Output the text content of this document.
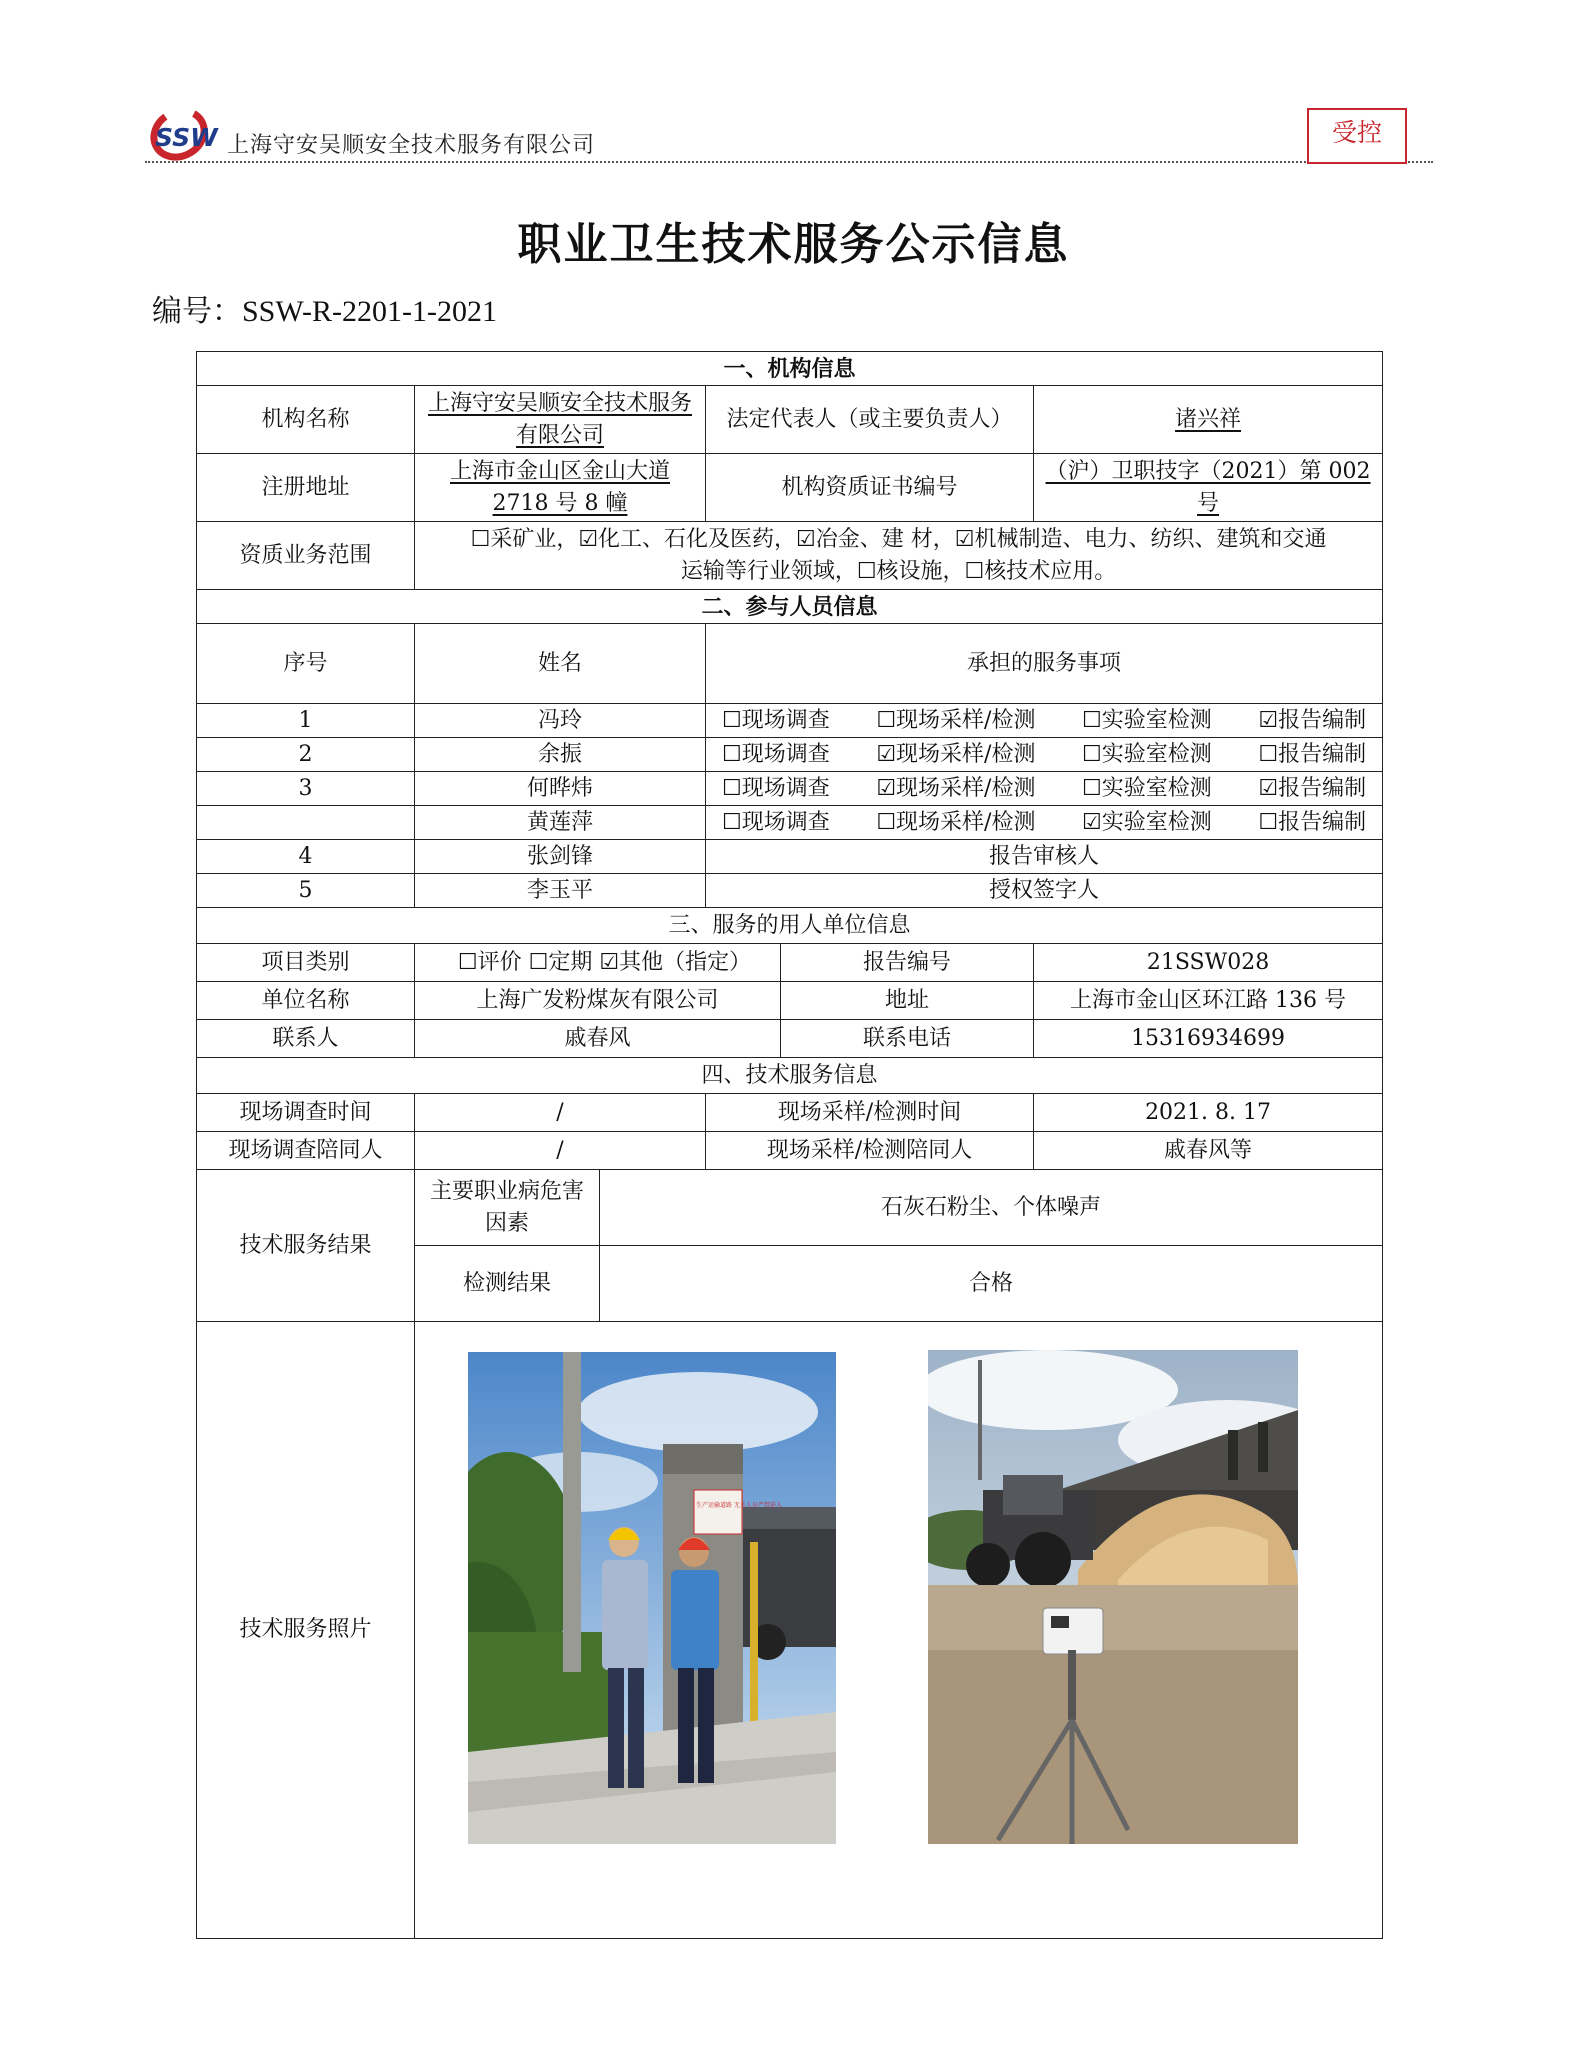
SSW 上海守安吴顺安全技术服务有限公司	受控
职业卫生技术服务公示信息
编号：SSW-R-2201-1-2021
一、机构信息					
机构名称	上海守安吴顺安全技术服务有限公司		法定代表人（或主要负责人）		诸兴祥
注册地址	上海市金山区金山大道 2718 号 8 幢		机构资质证书编号		（沪）卫职技字（2021）第 002 号
资质业务范围	☐采矿业，☑化工、石化及医药，☑冶金、建 材，☑机械制造、电力、纺织、建筑和交通
运输等行业领域，☐核设施，☐核技术应用。				

二、参与人员信息					
序号	姓名		承担的服务事项		
1	冯玲		☐现场调查 ☐现场采样/检测 ☐实验室检测 ☑报告编制		

2	余振		☐现场调查 ☑现场采样/检测 ☐实验室检测 ☐报告编制		

3	何晔炜		☐现场调查 ☑现场采样/检测 ☐实验室检测 ☑报告编制		

	黄莲萍		☐现场调查 ☐现场采样/检测 ☑实验室检测 ☐报告编制		

4	张剑锋		报告审核人		
5	李玉平		授权签字人		
三、服务的用人单位信息					
项目类别	☐评价 ☐定期 ☑其他（指定）			报告编号	21SSW028
单位名称	上海广发粉煤灰有限公司			地址	上海市金山区环江路 136 号
联系人	戚春风			联系电话	15316934699
四、技术服务信息					
现场调查时间	/		现场采样/检测时间		2021. 8. 17
现场调查陪同人	/		现场采样/检测陪同人		戚春风等
技术服务结果	主要职业病危害因素	石灰石粉尘、个体噪声			
	检测结果	合格			
技术服务照片	生产运输道路 无关人员严禁进入				
